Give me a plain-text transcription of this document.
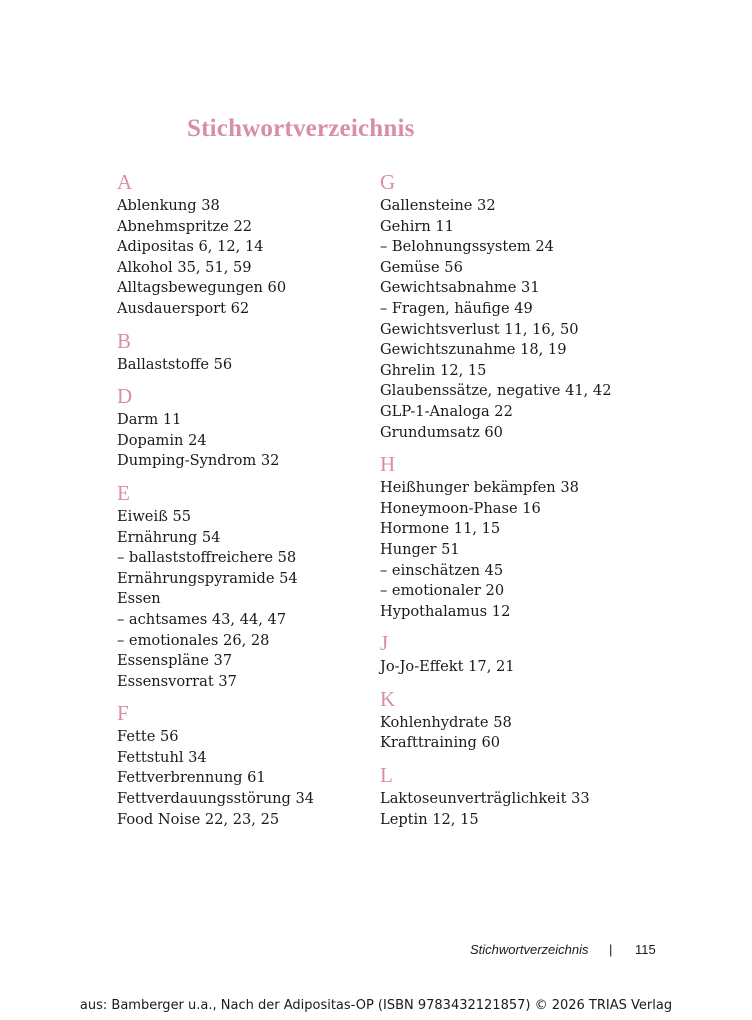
Stichwortverzeichnis
A
Ablenkung 38
Abnehmspritze 22
Adipositas 6, 12, 14
Alkohol 35, 51, 59
Alltagsbewegungen 60
Ausdauersport 62
B
Ballaststoffe 56
D
Darm 11
Dopamin 24
Dumping-Syndrom 32
E
Eiweiß 55
Ernährung 54
– ballaststoffreichere 58
Ernährungspyramide 54
Essen
– achtsames 43, 44, 47
– emotionales 26, 28
Essenspläne 37
Essensvorrat 37
F
Fette 56
Fettstuhl 34
Fettverbrennung 61
Fettverdauungsstörung 34
Food Noise 22, 23, 25
G
Gallensteine 32
Gehirn 11
– Belohnungssystem 24
Gemüse 56
Gewichtsabnahme 31
– Fragen, häufige 49
Gewichtsverlust 11, 16, 50
Gewichtszunahme 18, 19
Ghrelin 12, 15
Glaubenssätze, negative 41, 42
GLP-1-Analoga 22
Grundumsatz 60
H
Heißhunger bekämpfen 38
Honeymoon-Phase 16
Hormone 11, 15
Hunger 51
– einschätzen 45
– emotionaler 20
Hypothalamus 12
J
Jo-Jo-Effekt 17, 21
K
Kohlenhydrate 58
Krafttraining 60
L
Laktoseunverträglichkeit 33
Leptin 12, 15
Stichwortverzeichnis | 115
aus: Bamberger u.a., Nach der Adipositas-OP (ISBN 9783432121857) © 2026 TRIAS Verlag
